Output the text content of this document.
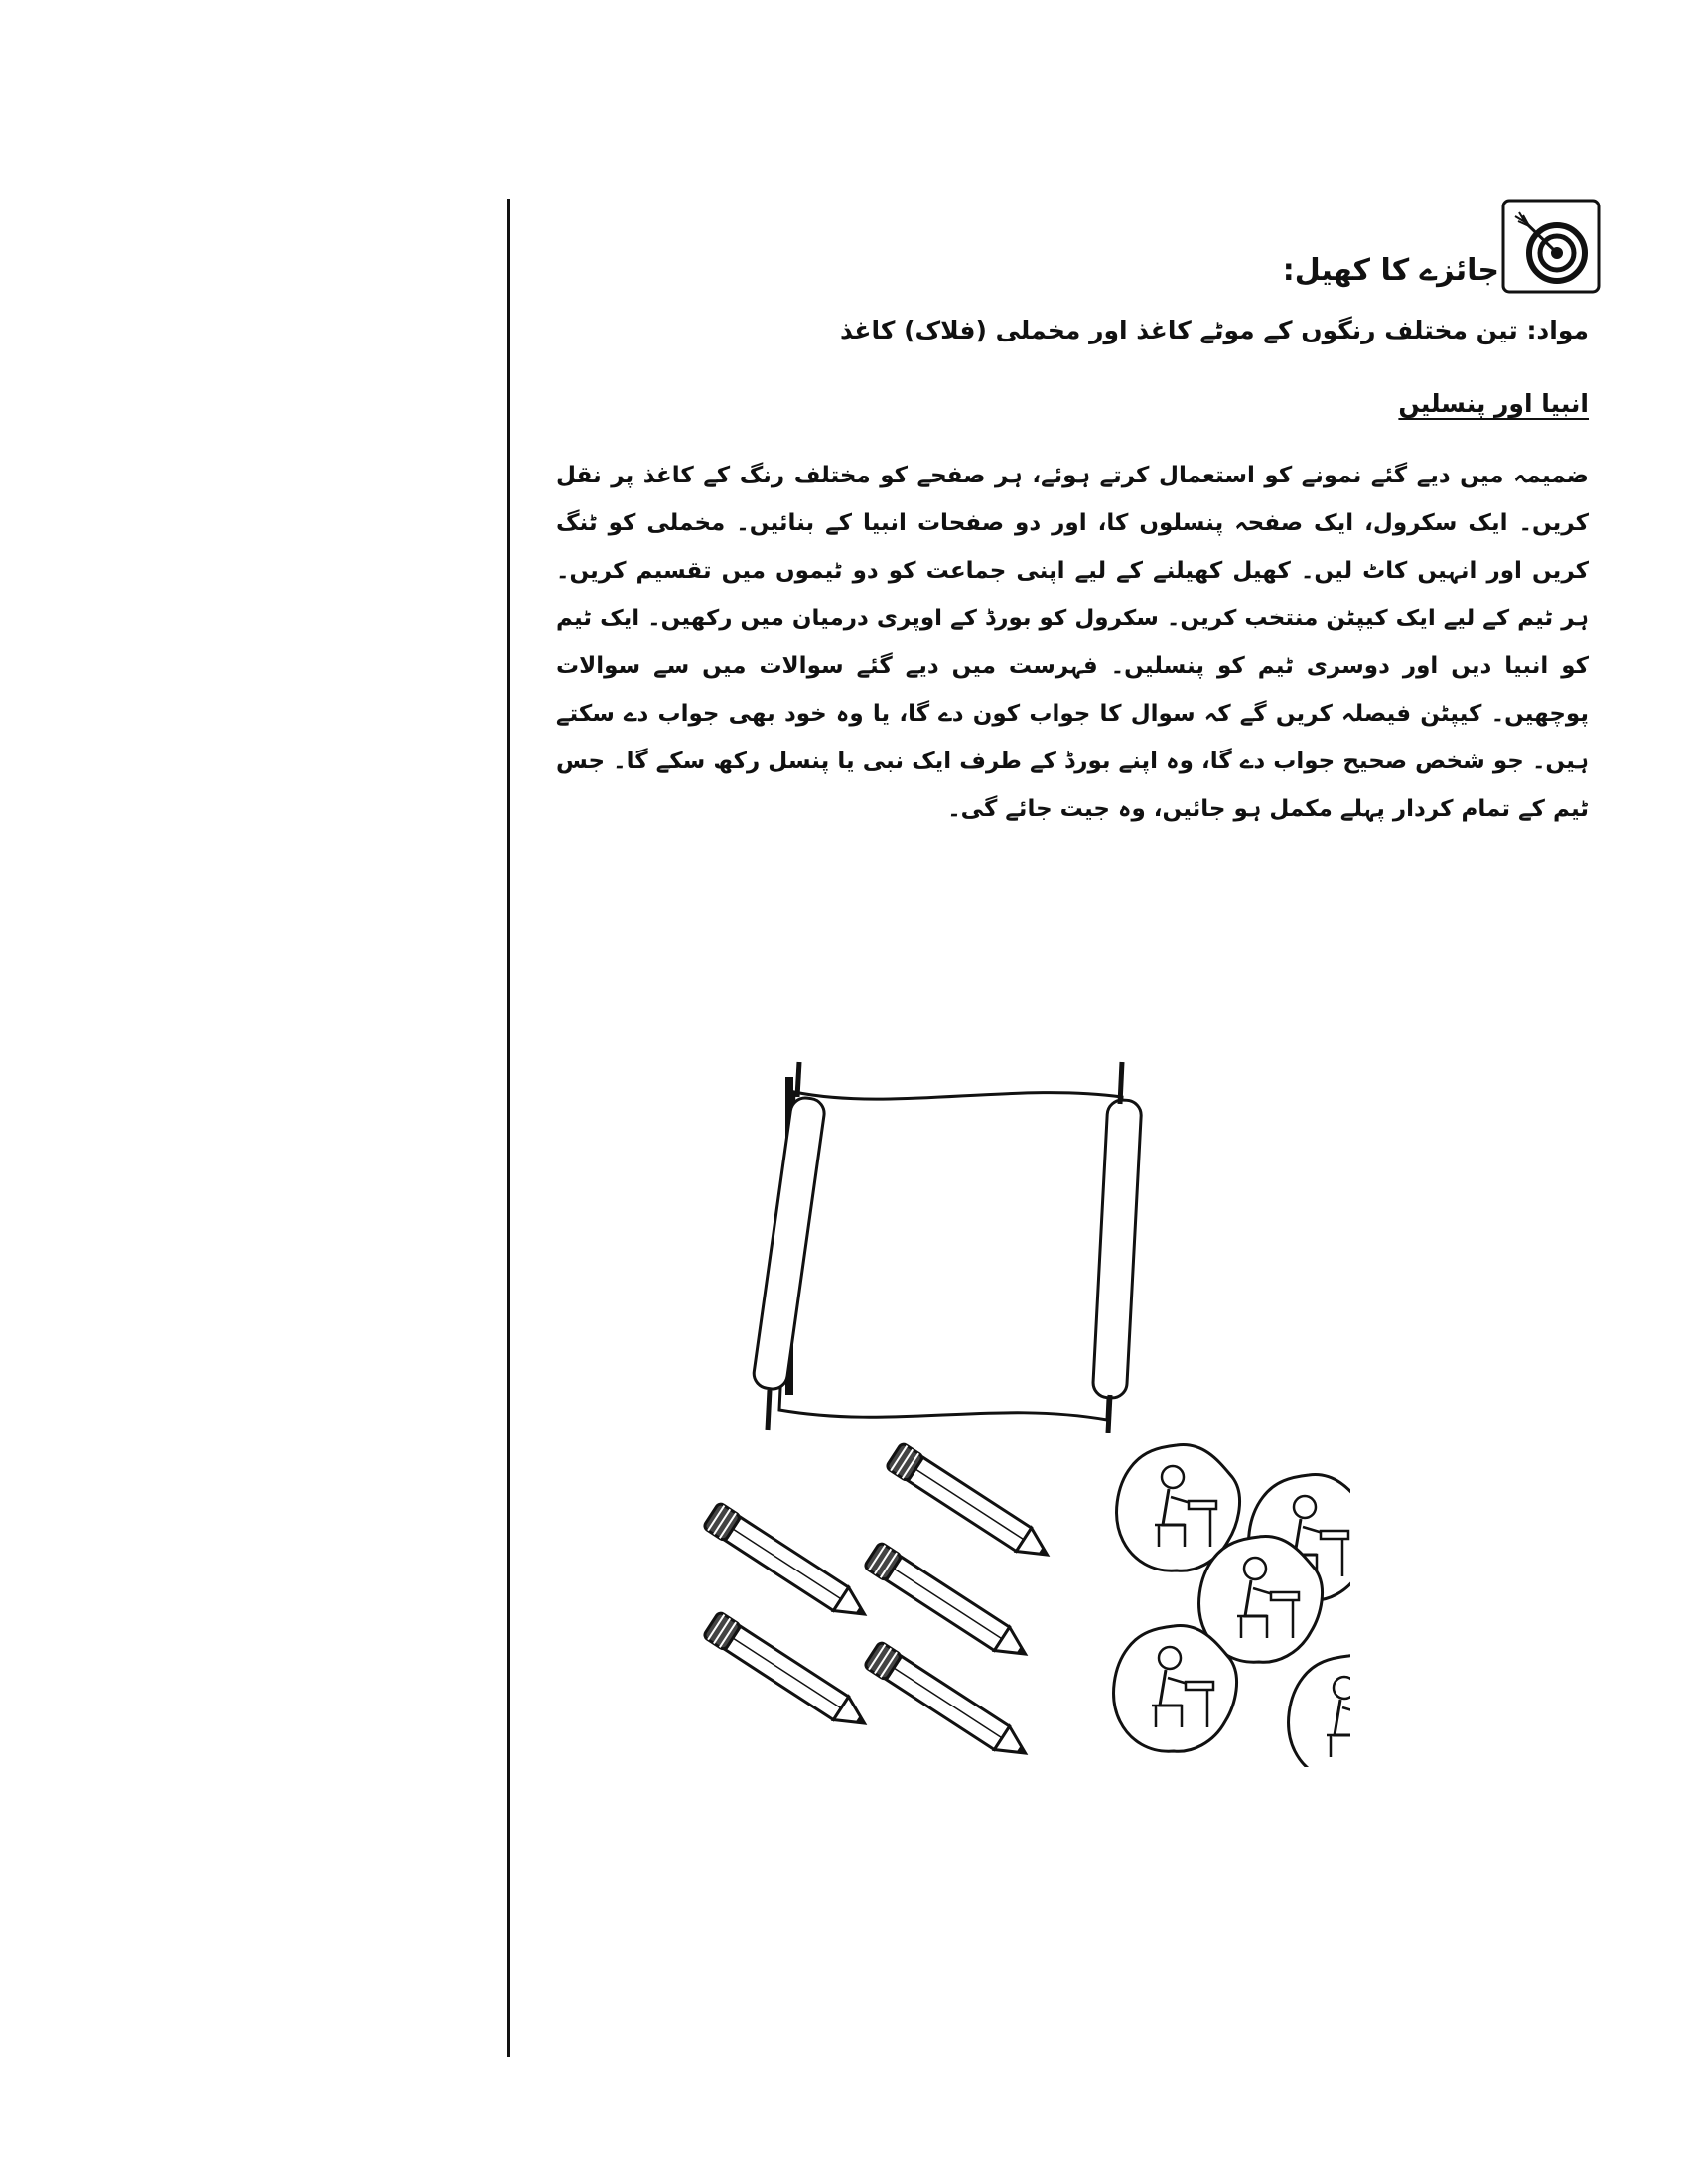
جائزے کا کھیل:
مواد: تین مختلف رنگوں کے موٹے کاغذ اور مخملی (فلاک) کاغذ
انبیا اور پنسلیں
ضمیمہ میں دیے گئے نمونے کو استعمال کرتے ہوئے، ہر صفحے کو مختلف رنگ کے کاغذ پر نقل کریں۔ ایک سکرول، ایک صفحہ پنسلوں کا، اور دو صفحات انبیا کے بنائیں۔ مخملی کو ٹنگ کریں اور انہیں کاٹ لیں۔ کھیل کھیلنے کے لیے اپنی جماعت کو دو ٹیموں میں تقسیم کریں۔ ہر ٹیم کے لیے ایک کیپٹن منتخب کریں۔ سکرول کو بورڈ کے اوپری درمیان میں رکھیں۔ ایک ٹیم کو انبیا دیں اور دوسری ٹیم کو پنسلیں۔ فہرست میں دیے گئے سوالات میں سے سوالات پوچھیں۔ کیپٹن فیصلہ کریں گے کہ سوال کا جواب کون دے گا، یا وہ خود بھی جواب دے سکتے ہیں۔ جو شخص صحیح جواب دے گا، وہ اپنے بورڈ کے طرف ایک نبی یا پنسل رکھ سکے گا۔ جس ٹیم کے تمام کردار پہلے مکمل ہو جائیں، وہ جیت جائے گی۔
